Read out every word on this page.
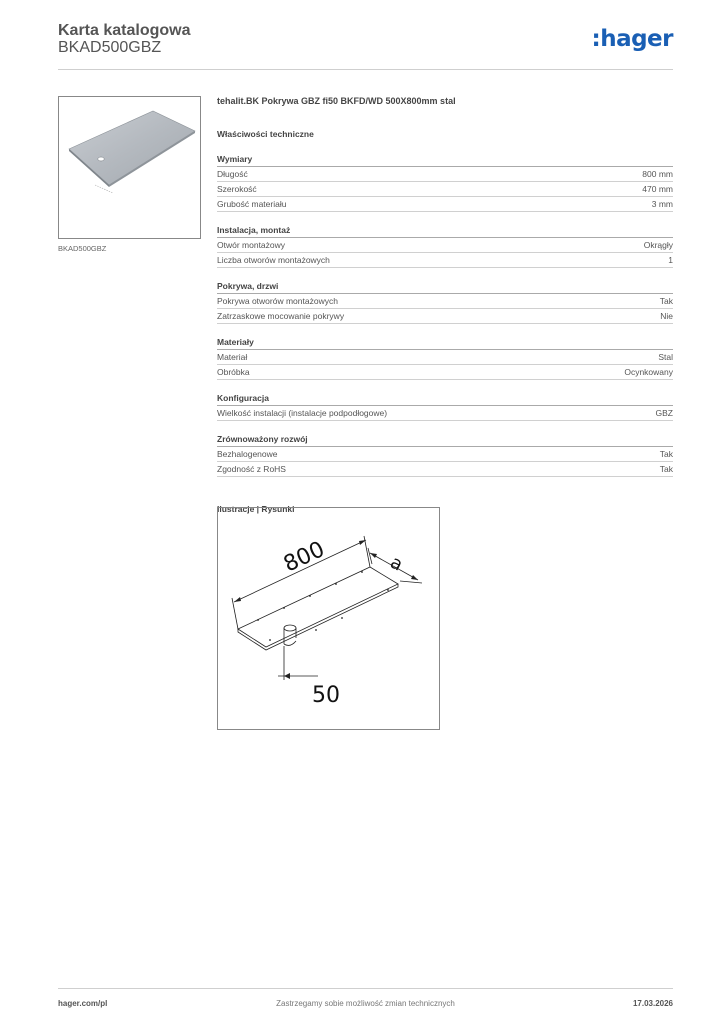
Karta katalogowa
BKAD500GBZ	:hager
BKAD500GBZ
tehalit.BK Pokrywa GBZ fi50 BKFD/WD 500X800mm stal
Właściwości techniczne
Wymiary
Długość	800 mm
Szerokość	470 mm
Grubość materiału	3 mm
Instalacja, montaż
Otwór montażowy	Okrągły
Liczba otworów montażowych	1
Pokrywa, drzwi
Pokrywa otworów montażowych	Tak
Zatrzaskowe mocowanie pokrywy	Nie
Materiały
Materiał	Stal
Obróbka	Ocynkowany
Konfiguracja
Wielkość instalacji (instalacje podpodłogowe)	GBZ
Zrównoważony rozwój
Bezhalogenowe	Tak
Zgodność z RoHS	Tak
Ilustracje | Rysunki
800	a
50
hager.com/pl	Zastrzegamy sobie możliwość zmian technicznych	17.03.2026
